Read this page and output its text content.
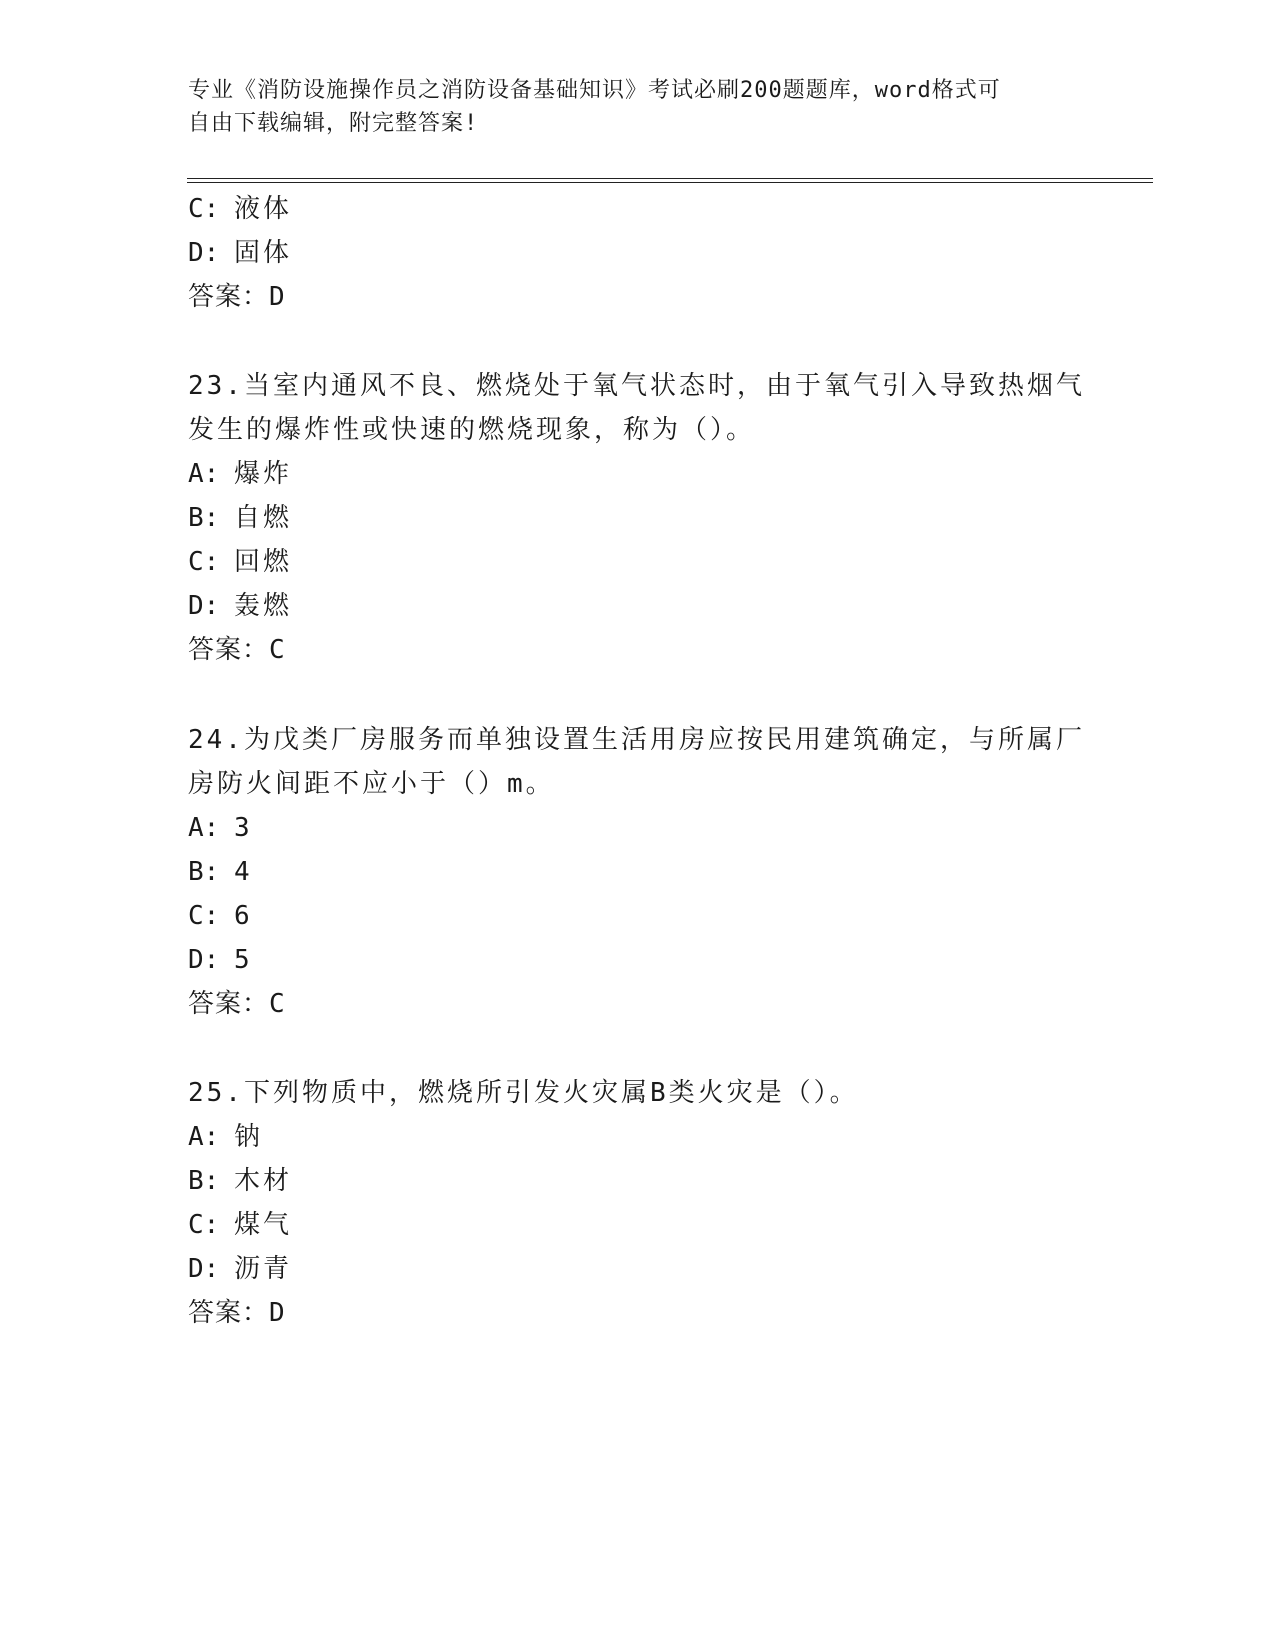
专业《消防设施操作员之消防设备基础知识》考试必刷200题题库，word格式可
自由下载编辑，附完整答案!
C: 液体
D: 固体
答案：D
23.当室内通风不良、燃烧处于氧气状态时，由于氧气引入导致热烟气
发生的爆炸性或快速的燃烧现象，称为（）。
A: 爆炸
B: 自燃
C: 回燃
D: 轰燃
答案：C
24.为戊类厂房服务而单独设置生活用房应按民用建筑确定，与所属厂
房防火间距不应小于（）m。
A: 3
B: 4
C: 6
D: 5
答案：C
25.下列物质中，燃烧所引发火灾属B类火灾是（）。
A: 钠
B: 木材
C: 煤气
D: 沥青
答案：D
